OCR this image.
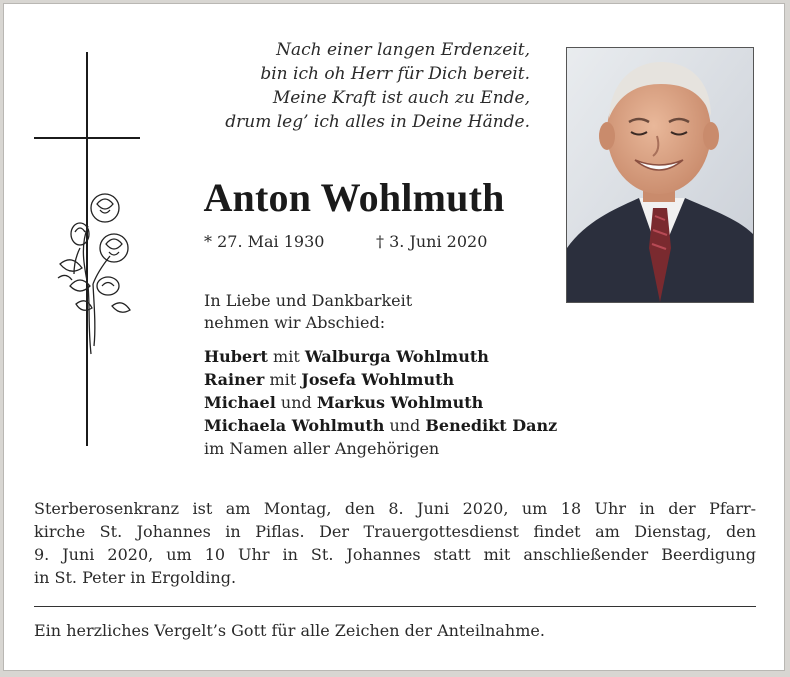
Nach einer langen Erdenzeit,
bin ich oh Herr für Dich bereit.
Meine Kraft ist auch zu Ende,
drum leg’ ich alles in Deine Hände.
Anton Wohlmuth
* 27. Mai 1930	† 3. Juni 2020
In Liebe und Dankbarkeit
nehmen wir Abschied:
Hubert mit Walburga Wohlmuth
Rainer mit Josefa Wohlmuth
Michael und Markus Wohlmuth
Michaela Wohlmuth und Benedikt Danz
im Namen aller Angehörigen
Sterberosenkranz ist am Montag, den 8. Juni 2020, um 18 Uhr in der Pfarr-
kirche St. Johannes in Piflas. Der Trauergottesdienst findet am Dienstag, den
9. Juni 2020, um 10 Uhr in St. Johannes statt mit anschließender Beerdigung
in St. Peter in Ergolding.
Ein herzliches Vergelt’s Gott für alle Zeichen der Anteilnahme.
